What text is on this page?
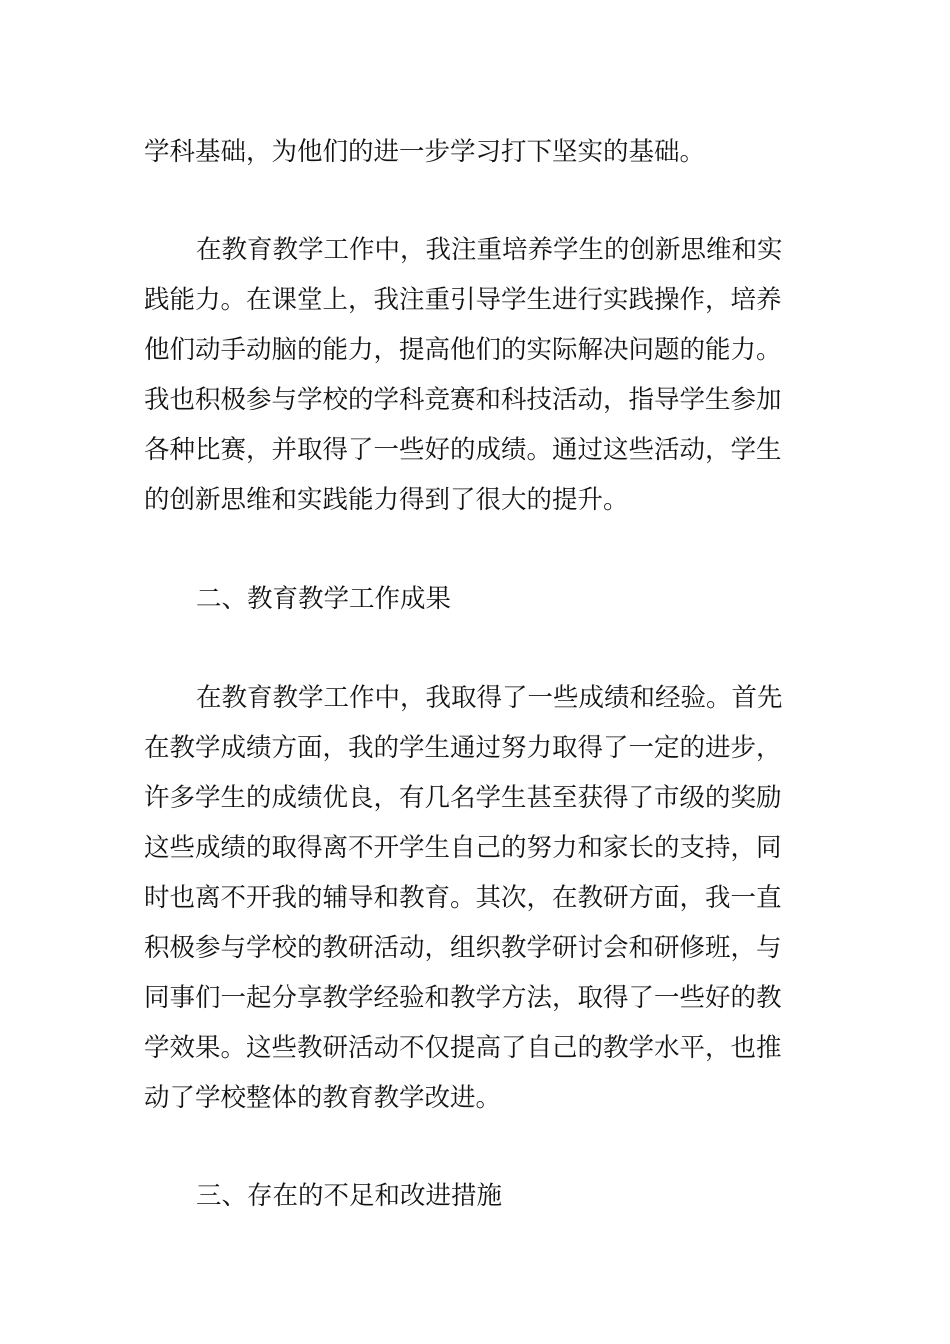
学科基础，为他们的进一步学习打下坚实的基础。
在教育教学工作中，我注重培养学生的创新思维和实
践能力。在课堂上，我注重引导学生进行实践操作，培养
他们动手动脑的能力，提高他们的实际解决问题的能力。
我也积极参与学校的学科竞赛和科技活动，指导学生参加
各种比赛，并取得了一些好的成绩。通过这些活动，学生
的创新思维和实践能力得到了很大的提升。
二、教育教学工作成果
在教育教学工作中，我取得了一些成绩和经验。首先
在教学成绩方面，我的学生通过努力取得了一定的进步，
许多学生的成绩优良，有几名学生甚至获得了市级的奖励
这些成绩的取得离不开学生自己的努力和家长的支持，同
时也离不开我的辅导和教育。其次，在教研方面，我一直
积极参与学校的教研活动，组织教学研讨会和研修班，与
同事们一起分享教学经验和教学方法，取得了一些好的教
学效果。这些教研活动不仅提高了自己的教学水平，也推
动了学校整体的教育教学改进。
三、存在的不足和改进措施
